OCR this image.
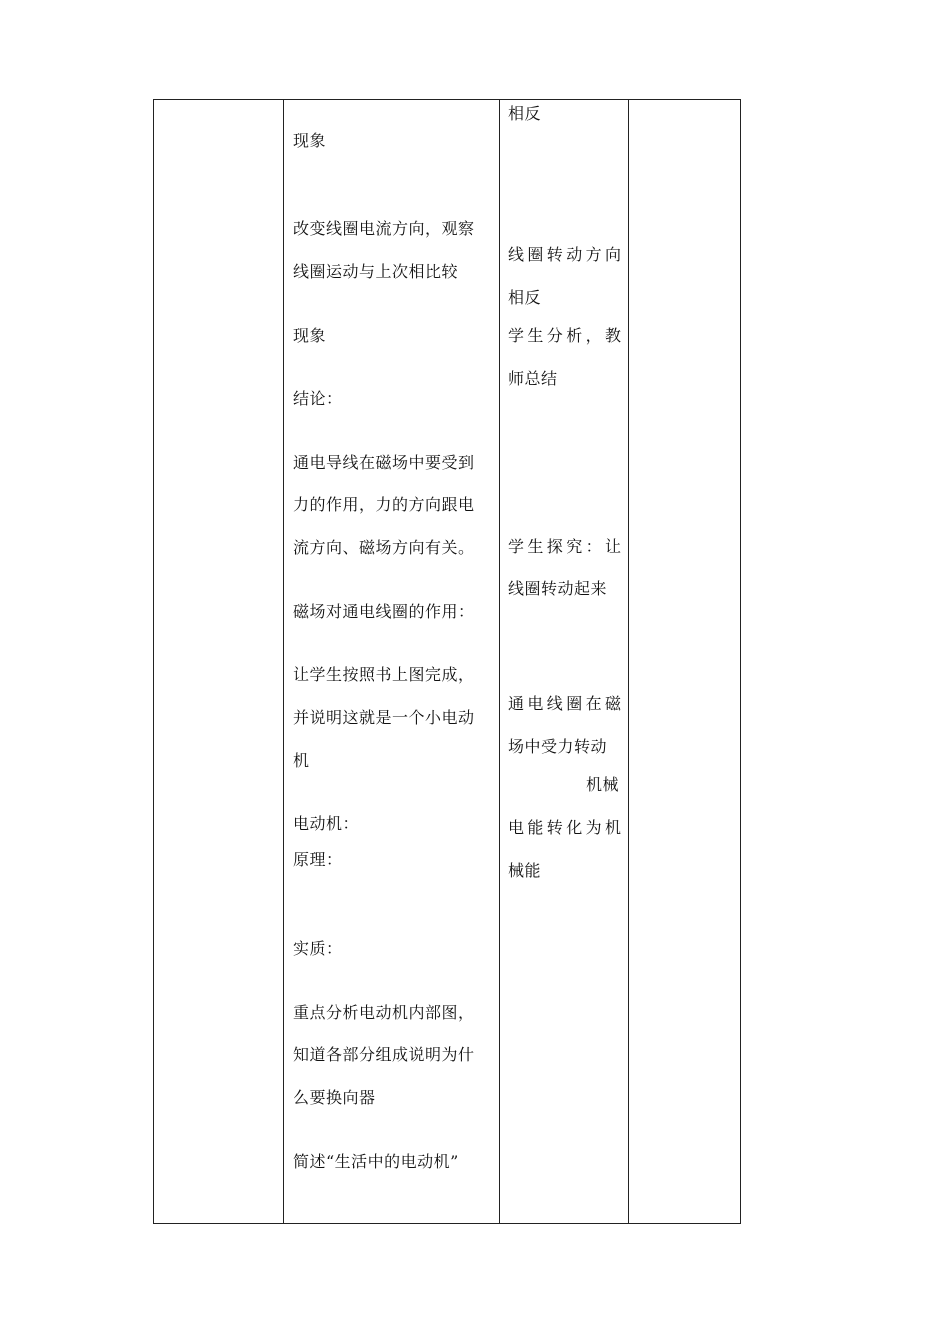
现象
改变线圈电流方向，观察
线圈运动与上次相比较
现象
结论：
通电导线在磁场中要受到
力的作用，力的方向跟电
流方向、磁场方向有关。
磁场对通电线圈的作用：
让学生按照书上图完成，
并说明这就是一个小电动
机
电动机：
原理：
实质：
重点分析电动机内部图，
知道各部分组成说明为什
么要换向器
简述“生活中的电动机”
相反
线圈转动方向
相反
学生分析，教
师总结
学生探究：让
线圈转动起来
通电线圈在磁
场中受力转动
机械
电能转化为机
械能
